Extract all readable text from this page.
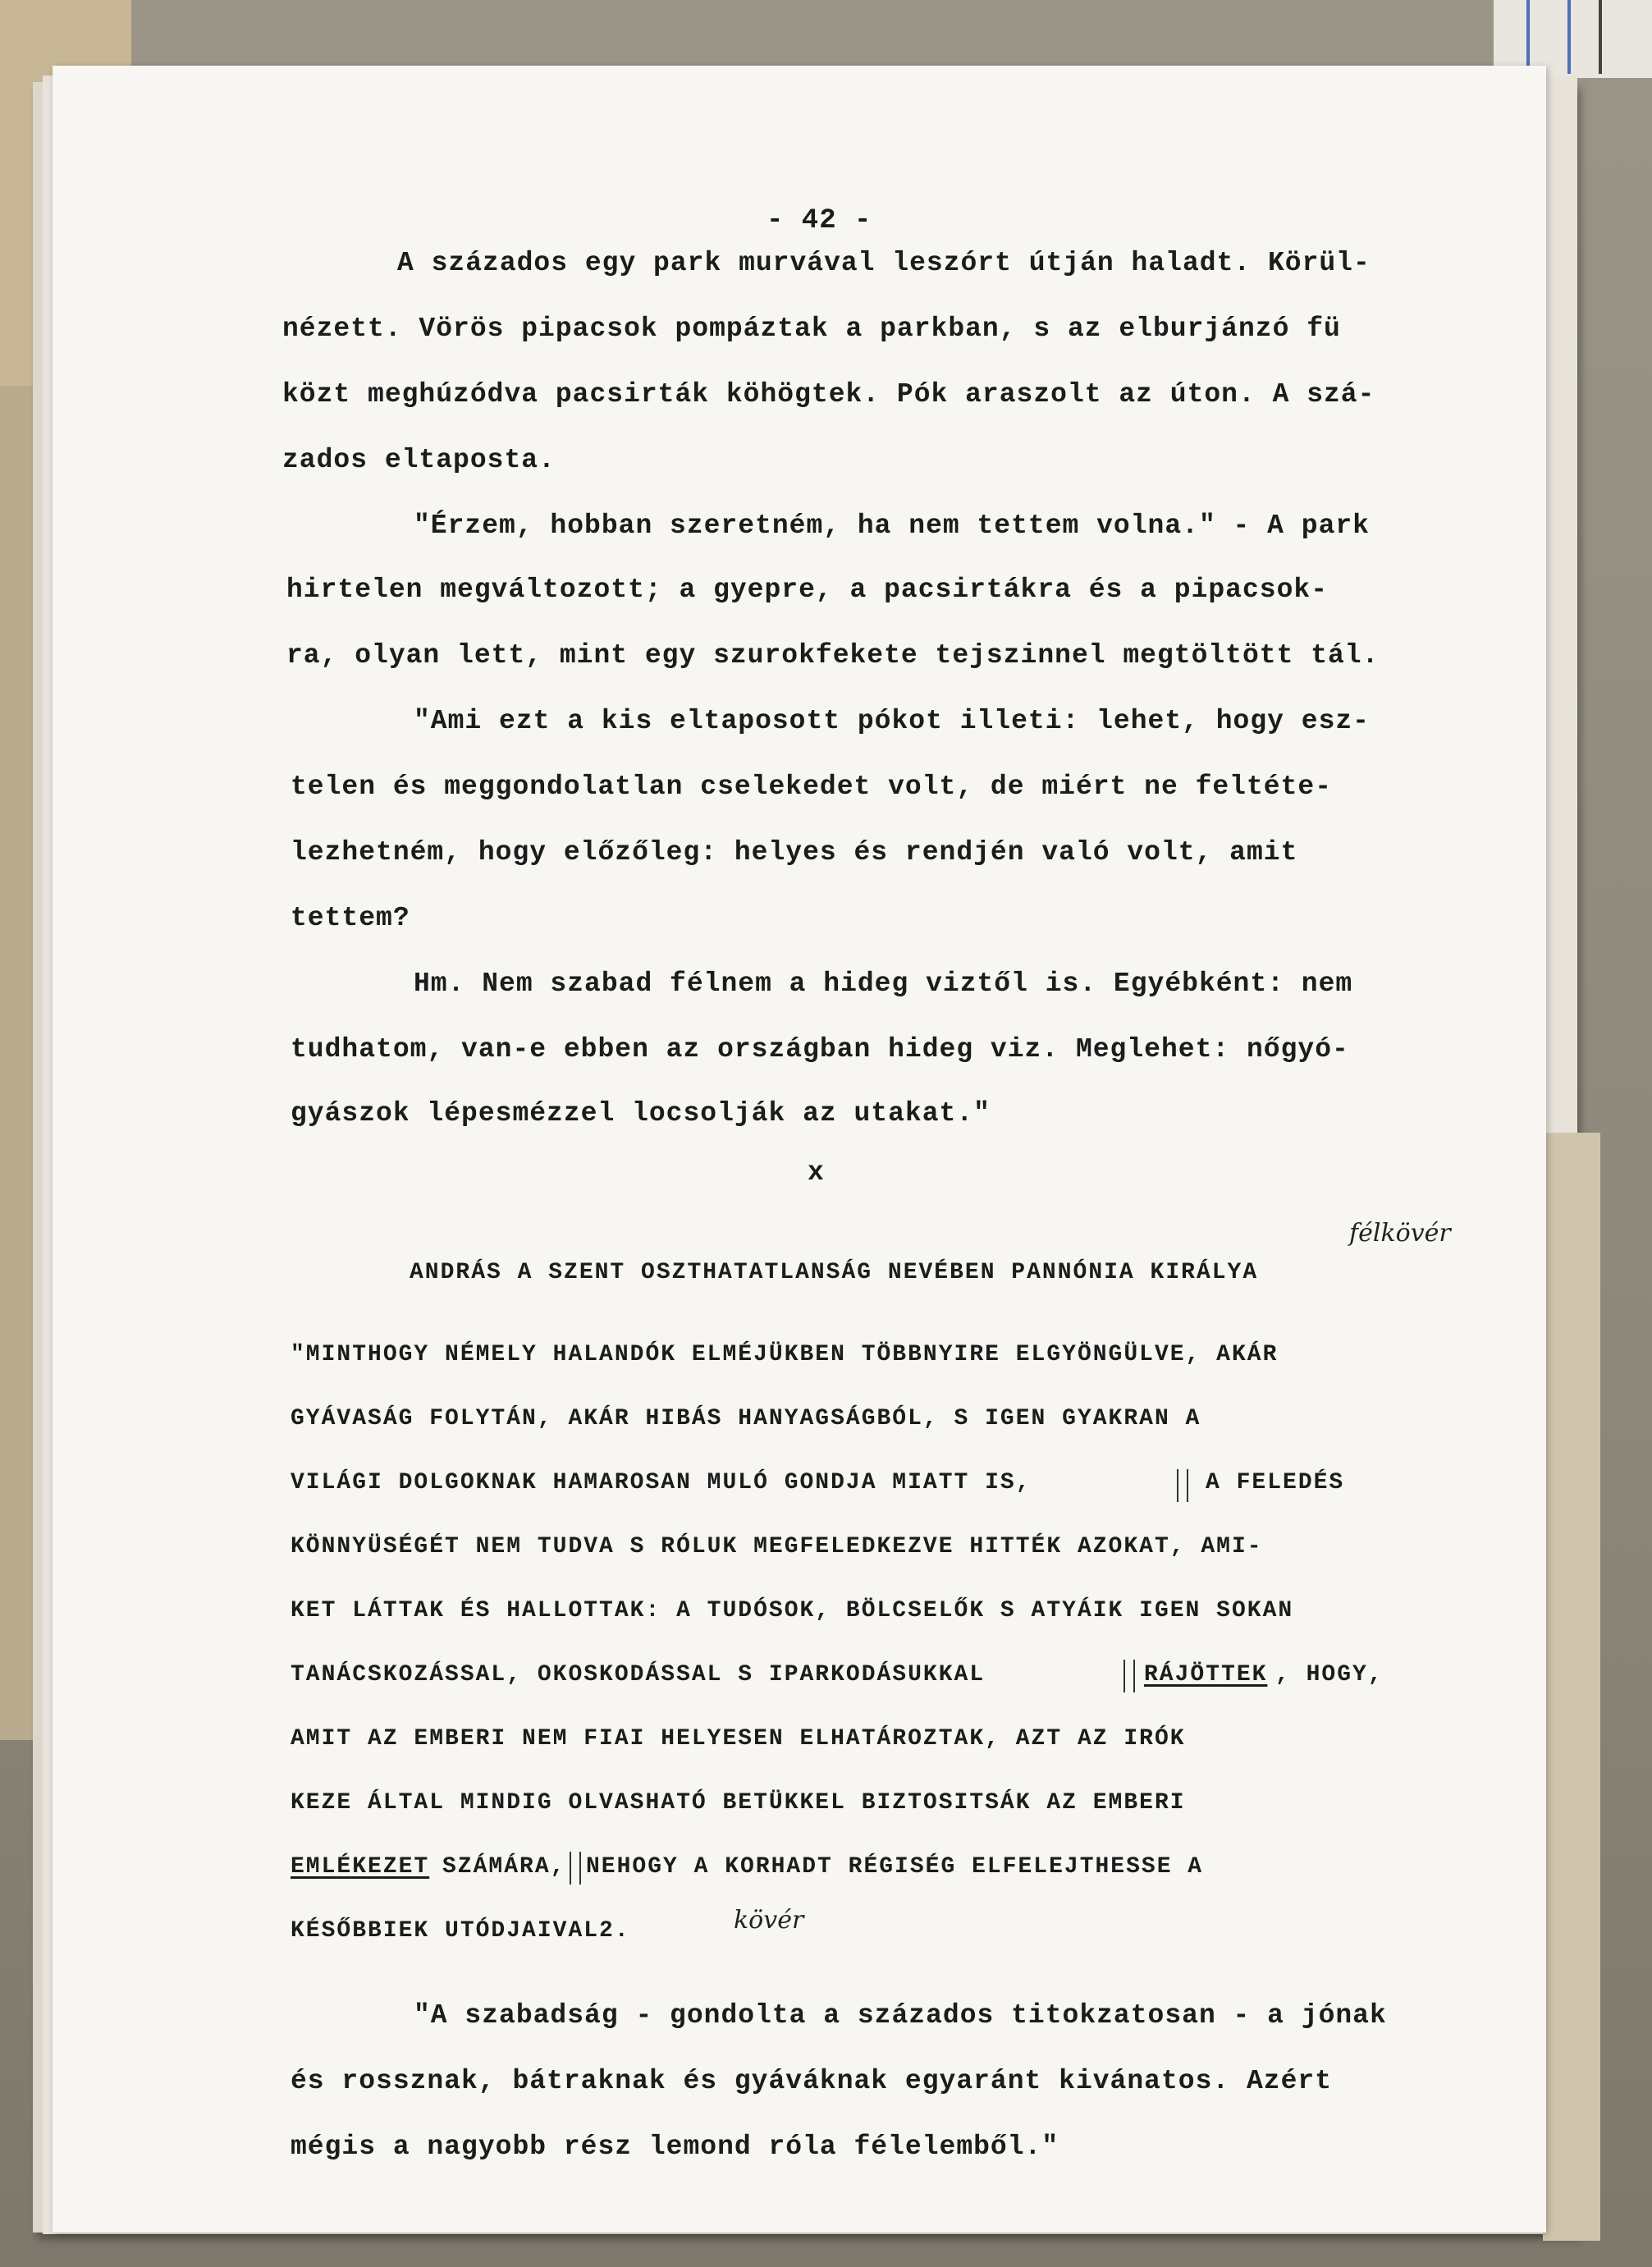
- 42 -
A százados egy park murvával leszórt útján haladt. Körül-
nézett. Vörös pipacsok pompáztak a parkban, s az elburjánzó fü
közt meghúzódva pacsirták köhögtek. Pók araszolt az úton. A szá-
zados eltaposta.
"Érzem, hobban szeretném, ha nem tettem volna." - A park
hirtelen megváltozott; a gyepre, a pacsirtákra és a pipacsok-
ra, olyan lett, mint egy szurokfekete tejszinnel megtöltött tál.
"Ami ezt a kis eltaposott pókot illeti: lehet, hogy esz-
telen és meggondolatlan cselekedet volt, de miért ne feltéte-
lezhetném, hogy előzőleg: helyes és rendjén való volt, amit
tettem?
Hm. Nem szabad félnem a hideg viztől is. Egyébként: nem
tudhatom, van-e ebben az országban hideg viz. Meglehet: nőgyó-
gyászok lépesmézzel locsolják az utakat."
x
félkövér
ANDRÁS A SZENT OSZTHATATLANSÁG NEVÉBEN PANNÓNIA KIRÁLYA
"MINTHOGY NÉMELY HALANDÓK ELMÉJÜKBEN TÖBBNYIRE ELGYÖNGÜLVE, AKÁR
GYÁVASÁG FOLYTÁN, AKÁR HIBÁS HANYAGSÁGBÓL, S IGEN GYAKRAN A
VILÁGI DOLGOKNAK HAMAROSAN MULÓ GONDJA MIATT IS,	A FELEDÉS
KÖNNYÜSÉGÉT NEM TUDVA S RÓLUK MEGFELEDKEZVE HITTÉK AZOKAT, AMI-
KET LÁTTAK ÉS HALLOTTAK: A TUDÓSOK, BÖLCSELŐK S ATYÁIK IGEN SOKAN
TANÁCSKOZÁSSAL, OKOSKODÁSSAL S IPARKODÁSUKKAL	RÁJÖTTEK , HOGY,
AMIT AZ EMBERI NEM FIAI HELYESEN ELHATÁROZTAK, AZT AZ IRÓK
KEZE ÁLTAL MINDIG OLVASHATÓ BETÜKKEL BIZTOSITSÁK AZ EMBERI
EMLÉKEZET SZÁMÁRA, NEHOGY A KORHADT RÉGISÉG ELFELEJTHESSE A
KÉSŐBBIEK UTÓDJAIVAL2.	kövér
"A szabadság - gondolta a százados titokzatosan - a jónak
és rossznak, bátraknak és gyáváknak egyaránt kivánatos. Azért
mégis a nagyobb rész lemond róla félelemből."
